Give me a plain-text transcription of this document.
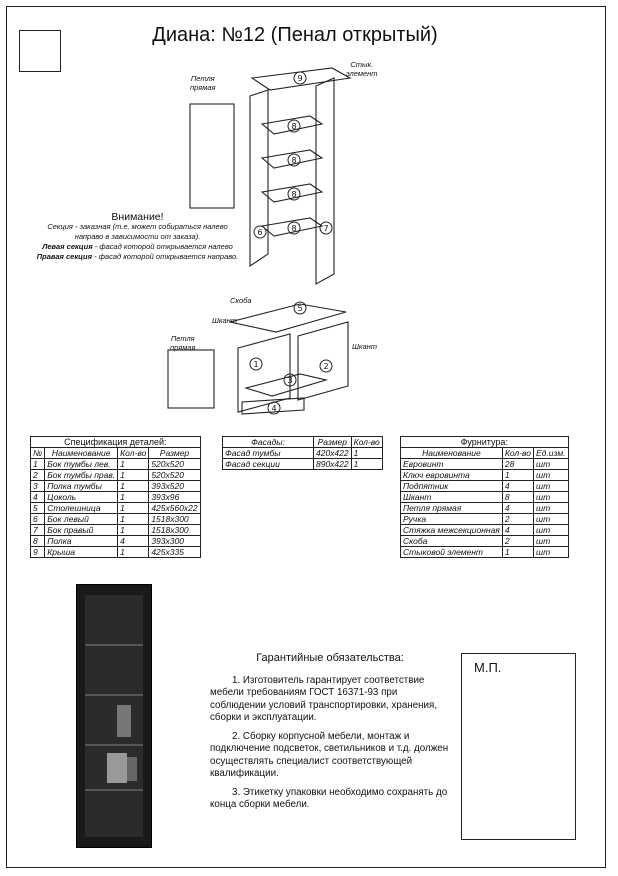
Диана: №12 (Пенал открытый)
9
8
8
8
8
6	7
5
1	2
3
4
Петля
прямая
Стык.
элемент
Скоба
Шкант
Шкант
Петля
прямая
Внимание!
Секция - заказная (т.е. может собираться налево
направо в зависимости от заказа).
Левая секция - фасад которой открывается налево
Правая секция - фасад которой открывается направо.
Спецификация деталей:			
№	Наименование	Кол-во	Размер
1	Бок тумбы лев.	1	520х520
2	Бок тумбы прав.	1	520х520
3	Полка тумбы	1	393х520
4	Цоколь	1	393х96
5	Столешница	1	425х560х22
6	Бок левый	1	1518х300
7	Бок правый	1	1518х300
8	Полка	4	393х300
9	Крыша	1	425х335
Фасады:	Размер	Кол-во
Фасад тумбы	420х422	1
Фасад секции	890х422	1
Фурнитура:		
Наименование	Кол-во	Ед.изм.
Евровинт	28	шт
Ключ евровинта	1	шт
Подпятник	4	шт
Шкант	8	шт
Петля прямая	4	шт
Ручка	2	шт
Стяжка межсекционная	4	шт
Скоба	2	шт
Стыковой элемент	1	шт
Гарантийные обязательства:

1. Изготовитель гарантирует соответствие мебели требованиям ГОСТ 16371-93 при соблюдении условий транспортировки, хранения, сборки и эксплуатации.

2. Сборку корпусной мебели, монтаж и подключение подсветок, светильников и т.д. должен осуществлять специалист соответствующей квалификации.

3. Этикетку упаковки необходимо сохранять до конца сборки мебели.

М.П.
